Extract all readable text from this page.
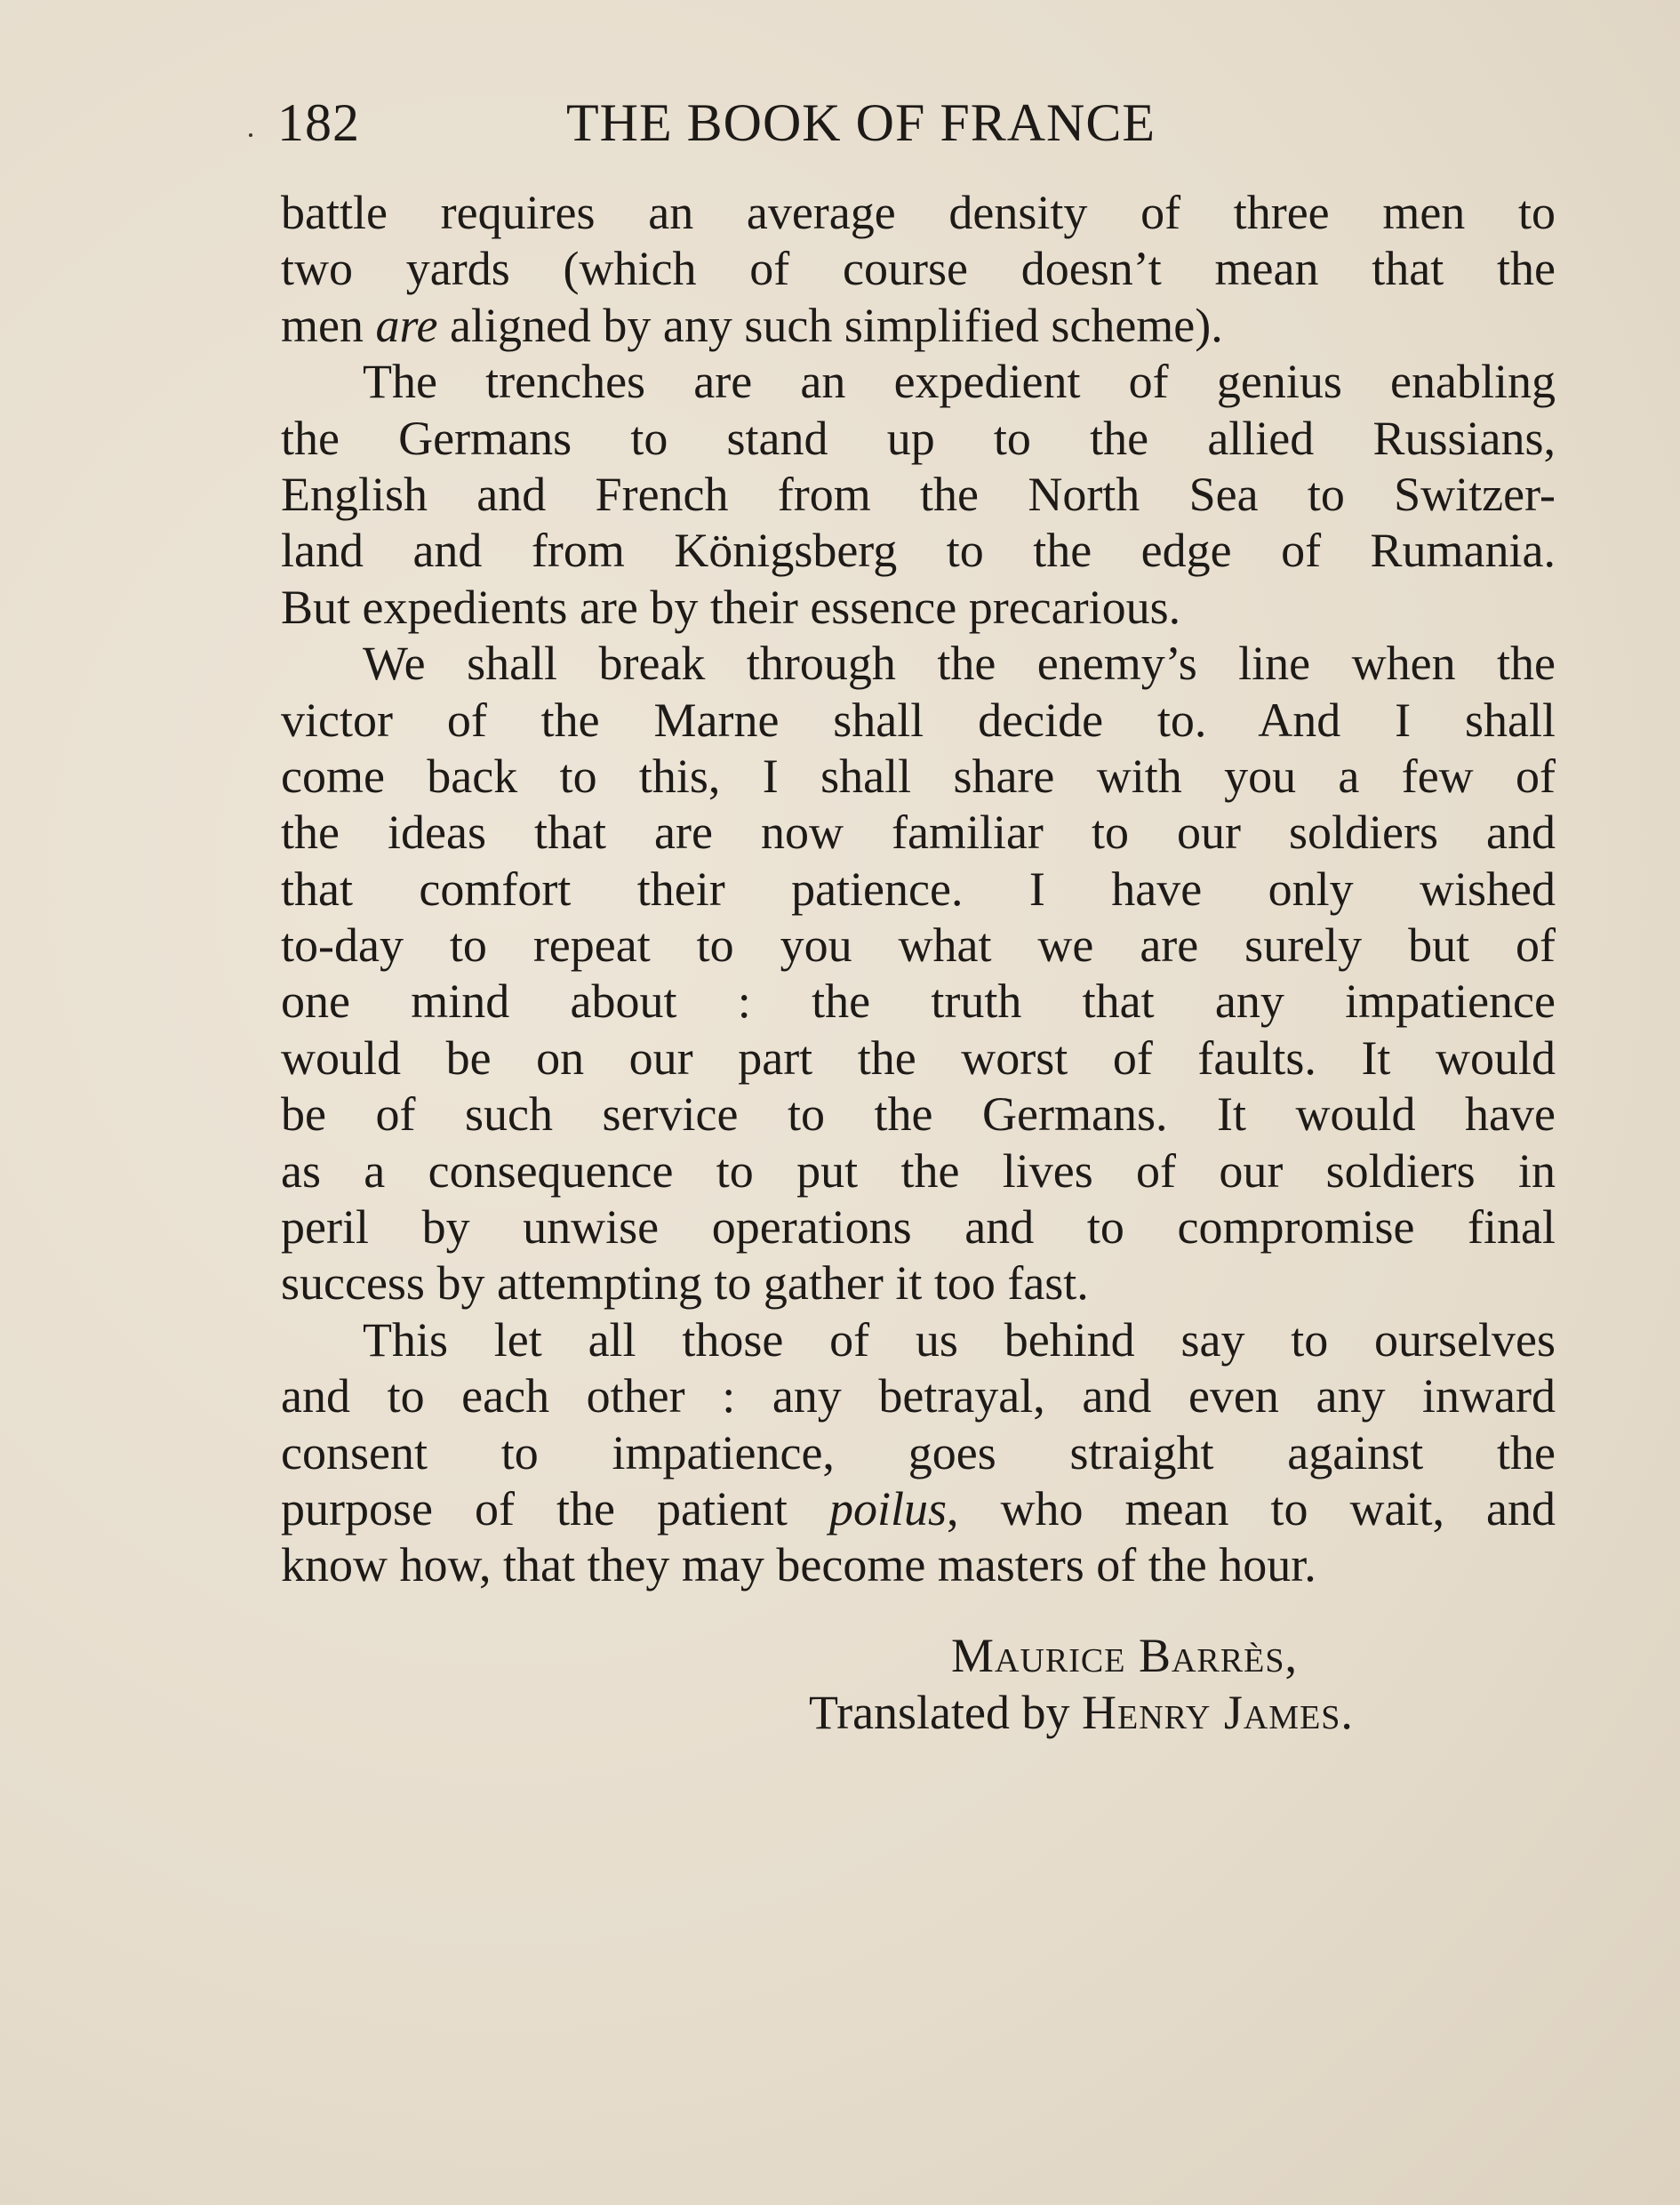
182	THE BOOK OF FRANCE
battle requires an average density of three men to
two yards (which of course doesn’t mean that the
men are aligned by any such simplified scheme).
The trenches are an expedient of genius enabling
the Germans to stand up to the allied Russians,
English and French from the North Sea to Switzer-
land and from Königsberg to the edge of Rumania.
But expedients are by their essence precarious.
We shall break through the enemy’s line when the
victor of the Marne shall decide to. And I shall
come back to this, I shall share with you a few of
the ideas that are now familiar to our soldiers and
that comfort their patience. I have only wished
to-day to repeat to you what we are surely but of
one mind about : the truth that any impatience
would be on our part the worst of faults. It would
be of such service to the Germans. It would have
as a consequence to put the lives of our soldiers in
peril by unwise operations and to compromise final
success by attempting to gather it too fast.
This let all those of us behind say to ourselves
and to each other : any betrayal, and even any inward
consent to impatience, goes straight against the
purpose of the patient poilus, who mean to wait, and
know how, that they may become masters of the hour.
Maurice Barrès,
Translated by Henry James.
